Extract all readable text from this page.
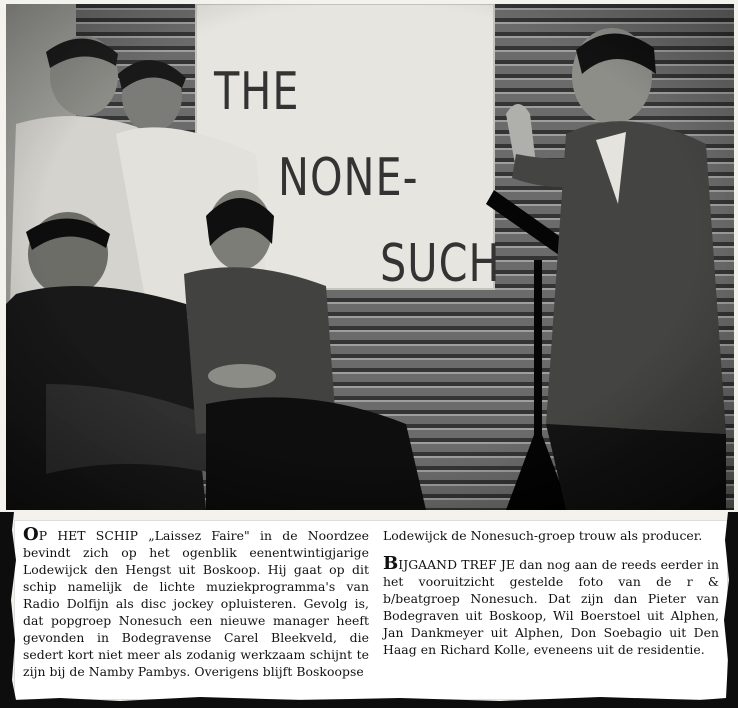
THE
NONE-
SUCH

OP HET SCHIP „Laissez Faire" in de Noordzee bevindt zich op het ogenblik eenentwintigjarige Lodewijck den Hengst uit Boskoop. Hij gaat op dit schip namelijk de lichte muziekprogramma's van Radio Dolfijn als disc jockey opluisteren. Gevolg is, dat popgroep Nonesuch een nieuwe manager heeft gevonden in Bodegravense Carel Bleekveld, die sedert kort niet meer als zodanig werkzaam schijnt te zijn bij de Namby Pambys. Overigens blijft Boskoopse

Lodewijck de Nonesuch-groep trouw als producer.

BIJGAAND TREF JE dan nog aan de reeds eerder in het vooruitzicht gestelde foto van de r & b/beatgroep Nonesuch. Dat zijn dan Pieter van Bodegraven uit Boskoop, Wil Boerstoel uit Alphen, Jan Dankmeyer uit Alphen, Don Soebagio uit Den Haag en Richard Kolle, eveneens uit de residentie.
